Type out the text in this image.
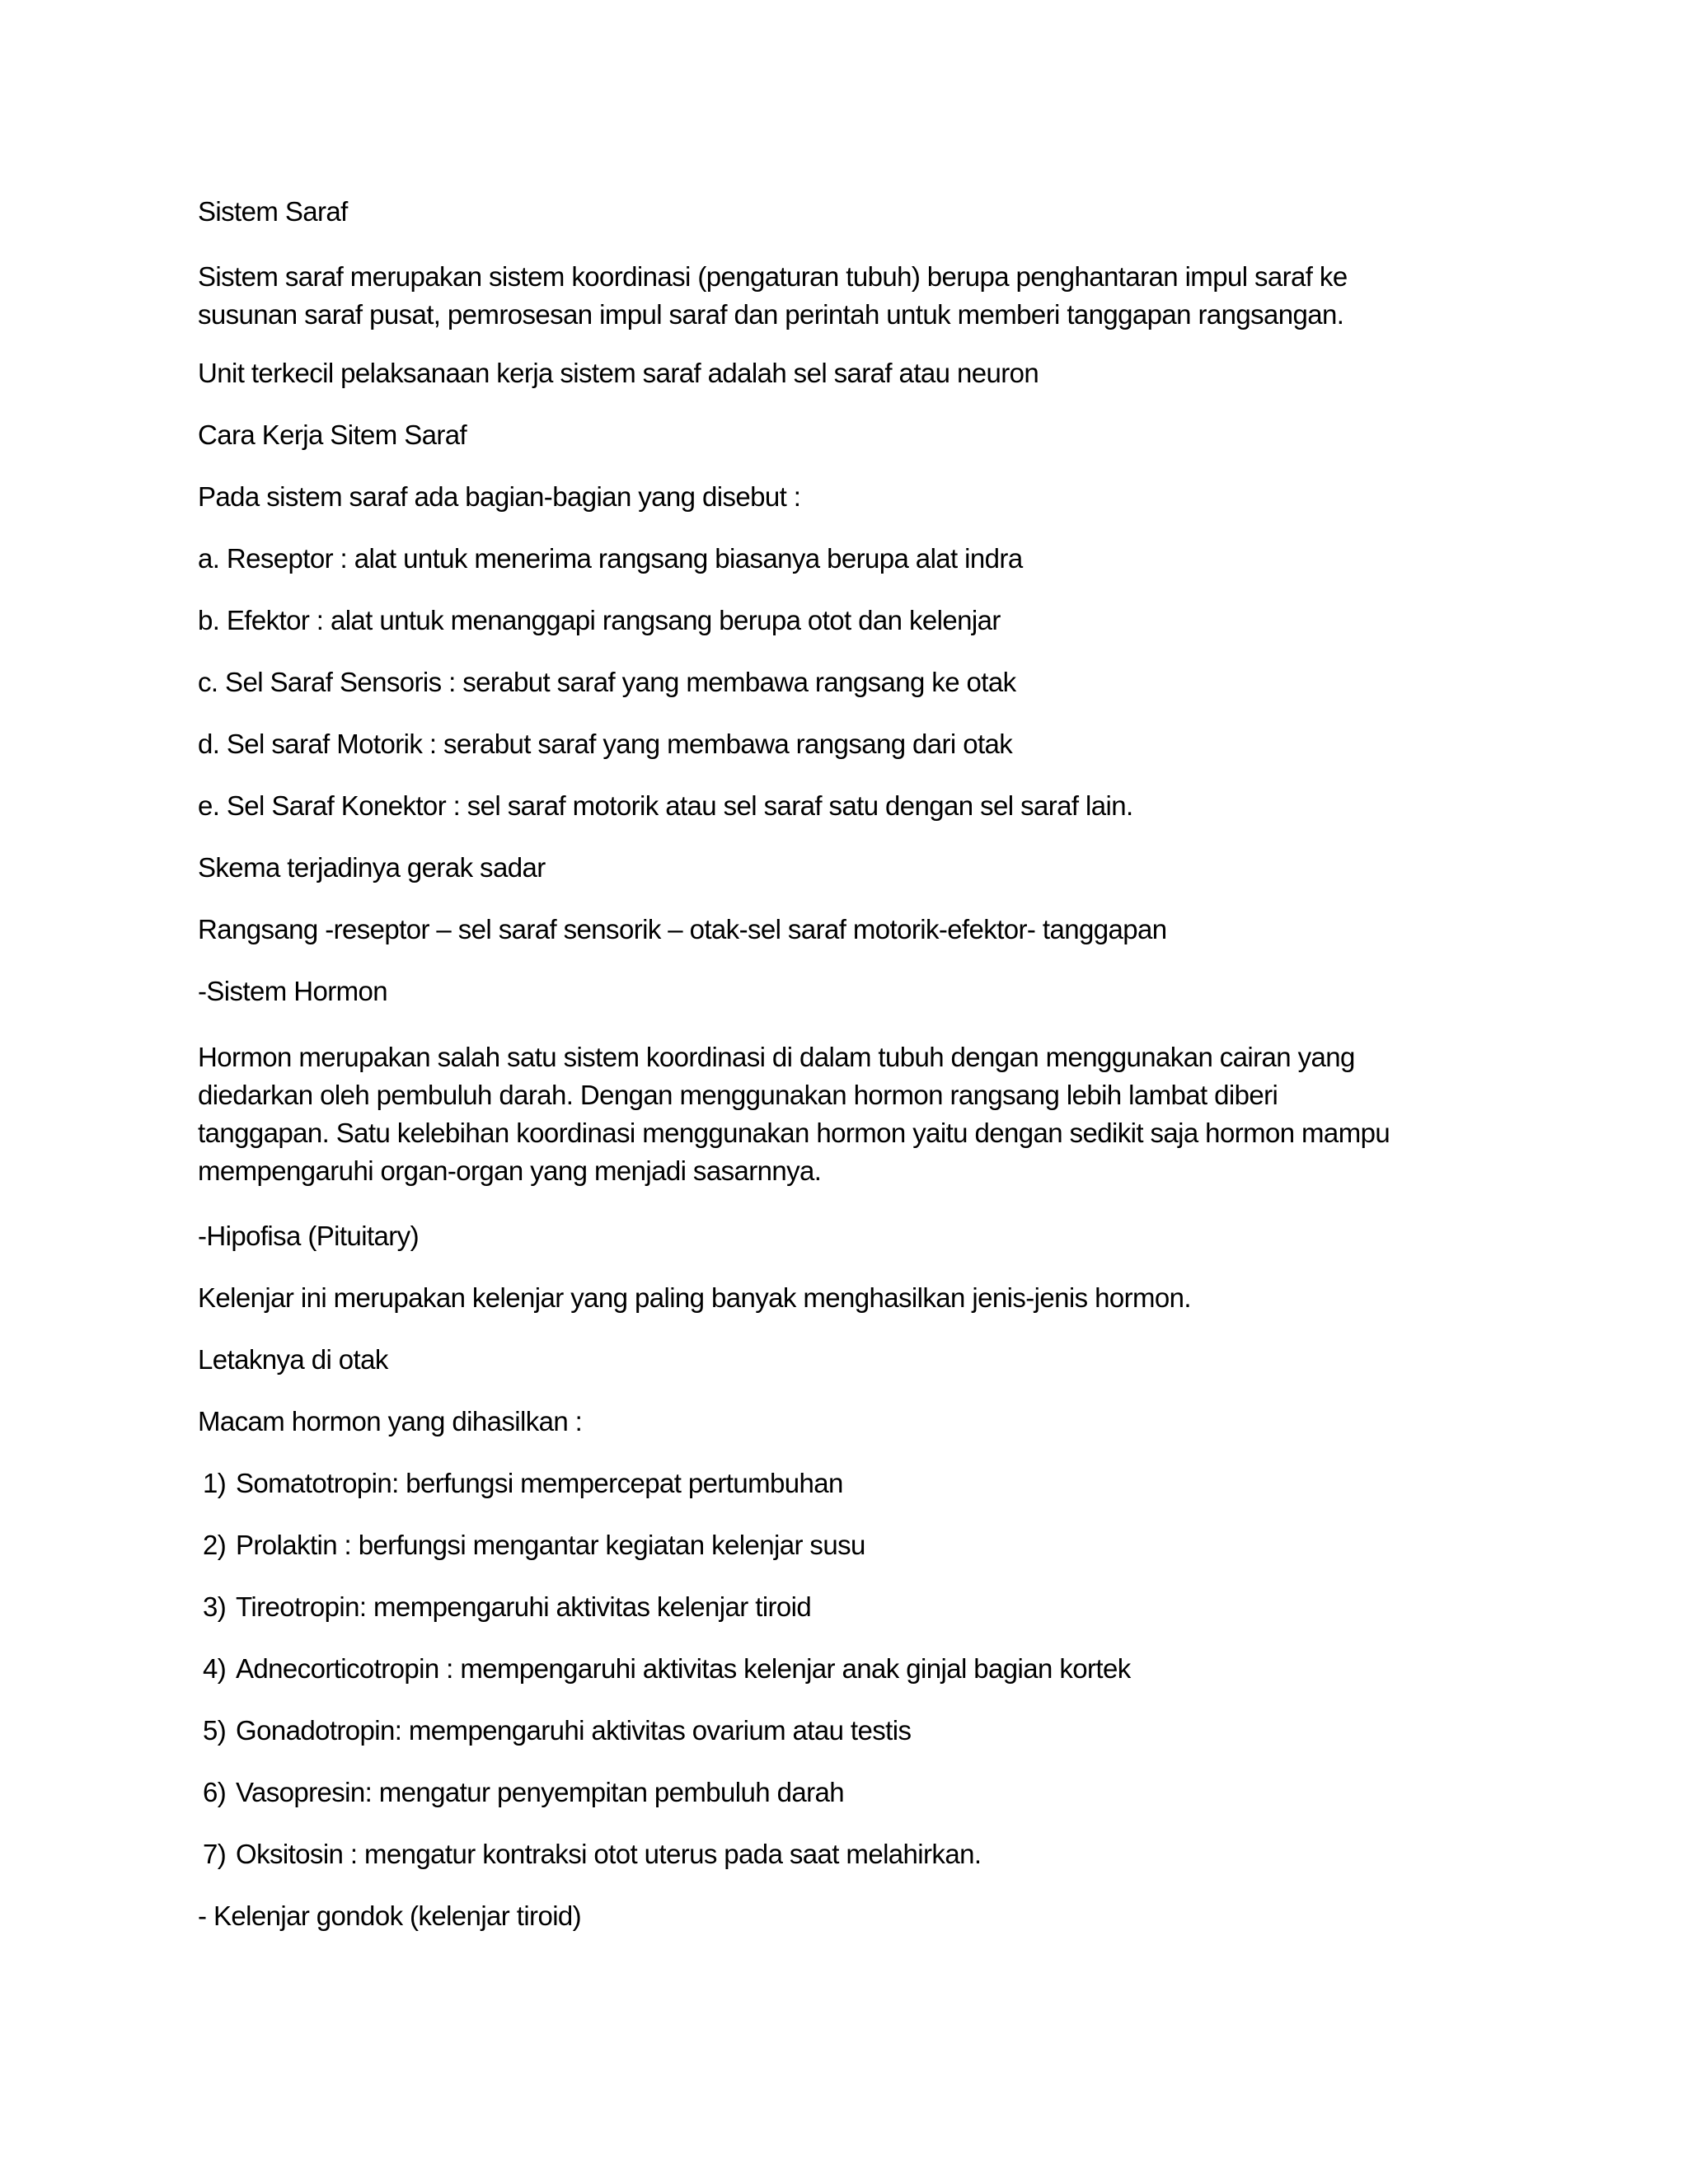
Sistem Saraf
Sistem saraf merupakan sistem koordinasi (pengaturan tubuh) berupa penghantaran impul saraf ke
susunan saraf pusat, pemrosesan impul saraf dan perintah untuk memberi tanggapan rangsangan.
Unit terkecil pelaksanaan kerja sistem saraf adalah sel saraf atau neuron
Cara Kerja Sitem Saraf
Pada sistem saraf ada bagian-bagian yang disebut :
a. Reseptor : alat untuk menerima rangsang biasanya berupa alat indra
b. Efektor : alat untuk menanggapi rangsang berupa otot dan kelenjar
c. Sel Saraf Sensoris : serabut saraf yang membawa rangsang ke otak
d. Sel saraf Motorik : serabut saraf yang membawa rangsang dari otak
e. Sel Saraf Konektor : sel saraf motorik atau sel saraf satu dengan sel saraf lain.
Skema terjadinya gerak sadar
Rangsang -reseptor – sel saraf sensorik – otak-sel saraf motorik-efektor- tanggapan
-Sistem Hormon
Hormon merupakan salah satu sistem koordinasi di dalam tubuh dengan menggunakan cairan yang
diedarkan oleh pembuluh darah. Dengan menggunakan hormon rangsang lebih lambat diberi
tanggapan. Satu kelebihan koordinasi menggunakan hormon yaitu dengan sedikit saja hormon mampu
mempengaruhi organ-organ yang menjadi sasarnnya.
-Hipofisa (Pituitary)
Kelenjar ini merupakan kelenjar yang paling banyak menghasilkan jenis-jenis hormon.
Letaknya di otak
Macam hormon yang dihasilkan :
1) Somatotropin: berfungsi mempercepat pertumbuhan
2) Prolaktin : berfungsi mengantar kegiatan kelenjar susu
3) Tireotropin: mempengaruhi aktivitas kelenjar tiroid
4) Adnecorticotropin : mempengaruhi aktivitas kelenjar anak ginjal bagian kortek
5) Gonadotropin: mempengaruhi aktivitas ovarium atau testis
6) Vasopresin: mengatur penyempitan pembuluh darah
7) Oksitosin : mengatur kontraksi otot uterus pada saat melahirkan.
- Kelenjar gondok (kelenjar tiroid)
